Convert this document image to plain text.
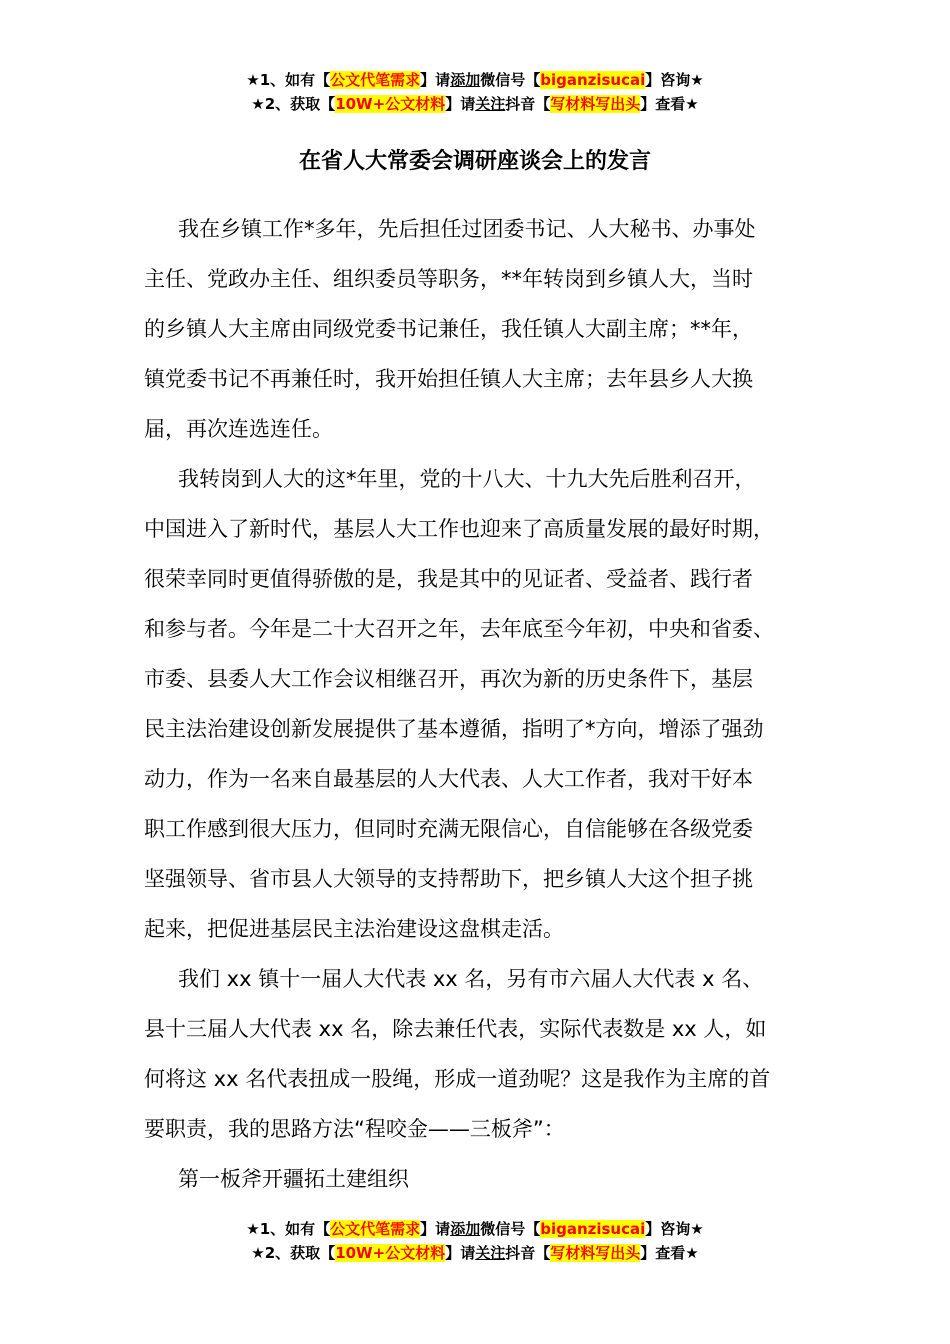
★1、如有【公文代笔需求】请添加微信号【biganzisucai】咨询★
★2、获取【10W+公文材料】请关注抖音【写材料写出头】查看★
在省人大常委会调研座谈会上的发言
我在乡镇工作*多年，先后担任过团委书记、人大秘书、办事处
主任、党政办主任、组织委员等职务，**年转岗到乡镇人大，当时
的乡镇人大主席由同级党委书记兼任，我任镇人大副主席；**年，
镇党委书记不再兼任时，我开始担任镇人大主席；去年县乡人大换
届，再次连选连任。
我转岗到人大的这*年里，党的十八大、十九大先后胜利召开，
中国进入了新时代，基层人大工作也迎来了高质量发展的最好时期，
很荣幸同时更值得骄傲的是，我是其中的见证者、受益者、践行者
和参与者。今年是二十大召开之年，去年底至今年初，中央和省委、
市委、县委人大工作会议相继召开，再次为新的历史条件下，基层
民主法治建设创新发展提供了基本遵循，指明了*方向，增添了强劲
动力，作为一名来自最基层的人大代表、人大工作者，我对干好本
职工作感到很大压力，但同时充满无限信心，自信能够在各级党委
坚强领导、省市县人大领导的支持帮助下，把乡镇人大这个担子挑
起来，把促进基层民主法治建设这盘棋走活。
我们 xx 镇十一届人大代表 xx 名，另有市六届人大代表 x 名、
县十三届人大代表 xx 名，除去兼任代表，实际代表数是 xx 人，如
何将这 xx 名代表扭成一股绳，形成一道劲呢？这是我作为主席的首
要职责，我的思路方法“程咬金——三板斧”：
第一板斧开疆拓土建组织
★1、如有【公文代笔需求】请添加微信号【biganzisucai】咨询★
★2、获取【10W+公文材料】请关注抖音【写材料写出头】查看★
